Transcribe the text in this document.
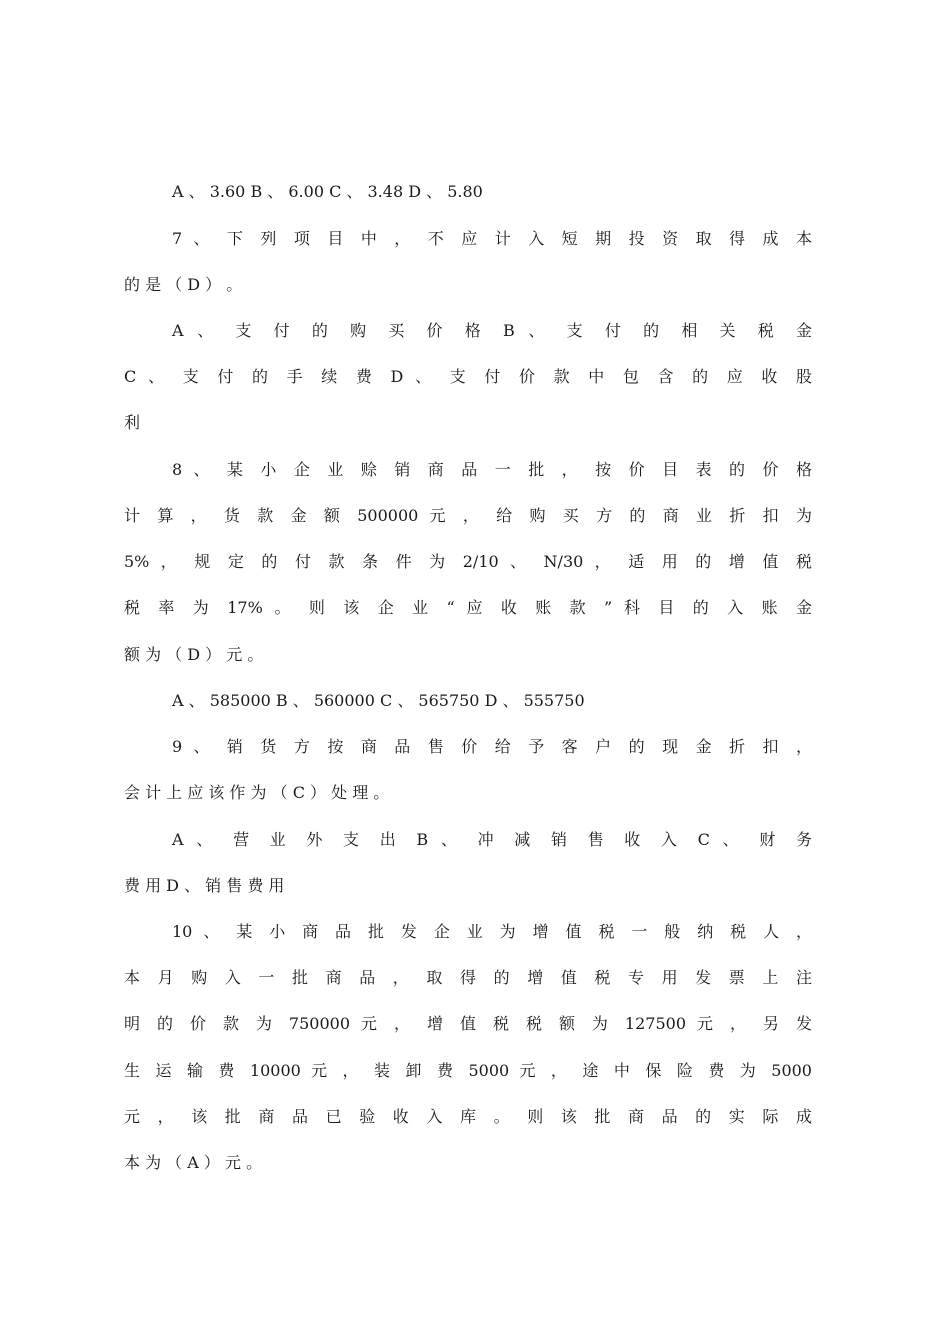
A 、 3.60 B 、 6.00 C 、 3.48 D 、 5.80
7 、 下 列 项 目 中 ， 不 应 计 入 短 期 投 资 取 得 成 本
的 是 （ D ） 。
A 、 支 付 的 购 买 价 格 B 、 支 付 的 相 关 税 金
C 、 支 付 的 手 续 费 D 、 支 付 价 款 中 包 含 的 应 收 股
利
8 、 某 小 企 业 赊 销 商 品 一 批 ， 按 价 目 表 的 价 格
计 算 ， 货 款 金 额 500000 元 ， 给 购 买 方 的 商 业 折 扣 为
5% ， 规 定 的 付 款 条 件 为 2/10 、 N/30 ， 适 用 的 增 值 税
税 率 为 17% 。 则 该 企 业 “ 应 收 账 款 ” 科 目 的 入 账 金
额 为 （ D ） 元 。
A 、 585000 B 、 560000 C 、 565750 D 、 555750
9 、 销 货 方 按 商 品 售 价 给 予 客 户 的 现 金 折 扣 ，
会 计 上 应 该 作 为 （ C ） 处 理 。
A 、 营 业 外 支 出 B 、 冲 减 销 售 收 入 C 、 财 务
费 用 D 、 销 售 费 用
10 、 某 小 商 品 批 发 企 业 为 增 值 税 一 般 纳 税 人 ，
本 月 购 入 一 批 商 品 ， 取 得 的 增 值 税 专 用 发 票 上 注
明 的 价 款 为 750000 元 ， 增 值 税 税 额 为 127500 元 ， 另 发
生 运 输 费 10000 元 ， 装 卸 费 5000 元 ， 途 中 保 险 费 为 5000
元 ， 该 批 商 品 已 验 收 入 库 。 则 该 批 商 品 的 实 际 成
本 为 （ A ） 元 。
